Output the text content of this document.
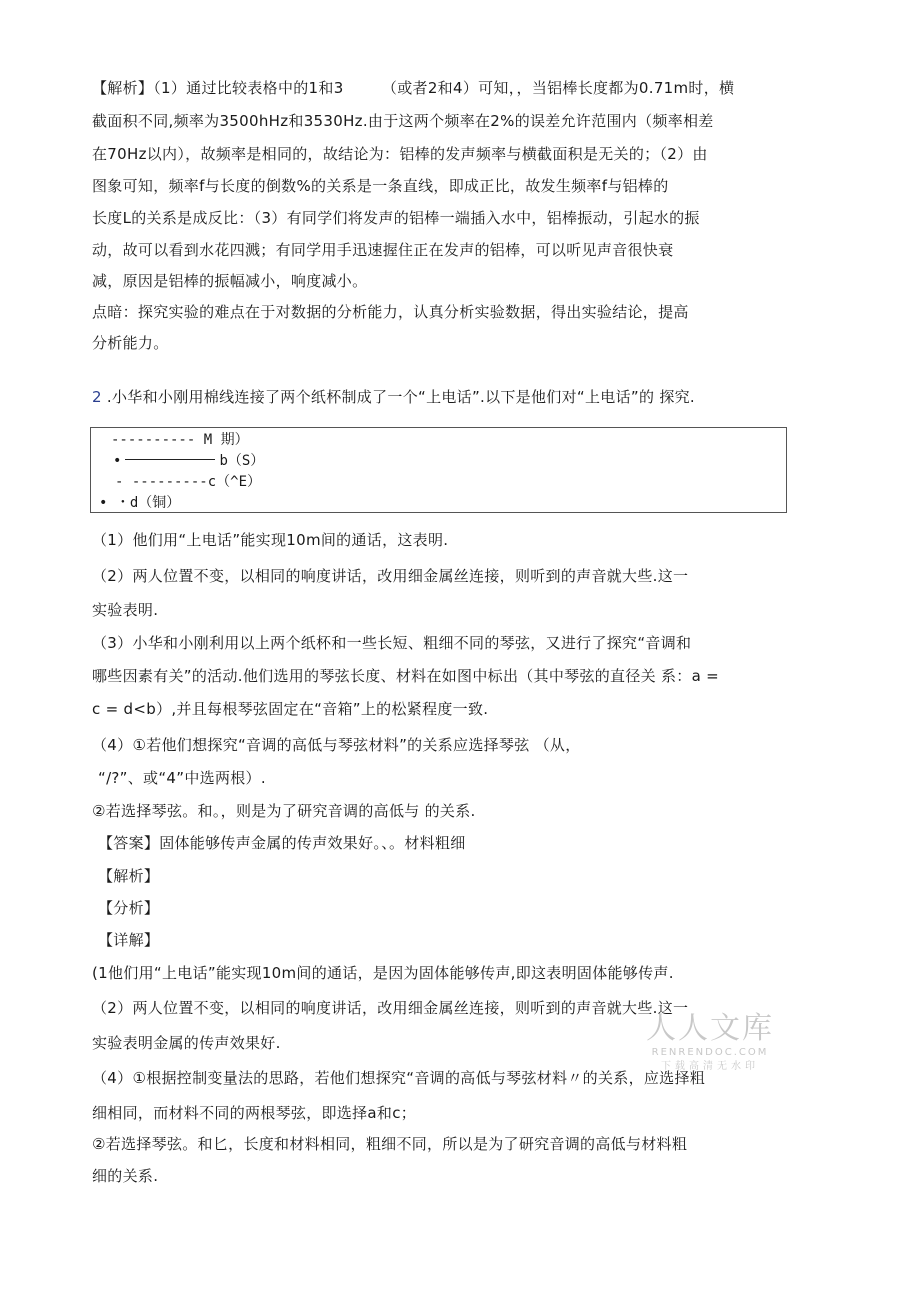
【解析】（1）通过比较表格中的1和3　　　（或者2和4）可知，，当铝棒长度都为0.71m时，横
截面积不同,频率为3500hHz和3530Hz.由于这两个频率在2%的误差允许范围内（频率相差
在70Hz以内），故频率是相同的，故结论为：铝棒的发声频率与横截面积是无关的；（2）由
图象可知，频率f与长度的倒数%的关系是一条直线，即成正比，故发生频率f与铝棒的
长度L的关系是成反比：（3）有同学们将发声的铝棒一端插入水中，铝棒振动，引起水的振
动，故可以看到水花四溅；有同学用手迅速握住正在发声的铝棒，可以听见声音很快衰
减，原因是铝棒的振幅减小，响度减小。
点暗：探究实验的难点在于对数据的分析能力，认真分析实验数据，得出实验结论，提高
分析能力。
2 .小华和小刚用棉线连接了两个纸杯制成了一个“上电话”.以下是他们对“上电话”的 探究.
---------- M 期）
•	b（S）
- ---------c（^E）
• ・d（铜）
（1）他们用“上电话”能实现10m间的通话，这表明.
（2）两人位置不变，以相同的响度讲话，改用细金属丝连接，则听到的声音就大些.这一
实验表明.
（3）小华和小刚利用以上两个纸杯和一些长短、粗细不同的琴弦，又进行了探究“音调和
哪些因素有关”的活动.他们选用的琴弦长度、材料在如图中标出（其中琴弦的直径关 系：a =
c = d<b）,并且每根琴弦固定在“音箱”上的松紧程度一致.
（4）①若他们想探究“音调的高低与琴弦材料”的关系应选择琴弦 （从，
“/?”、或“4”中选两根）.
②若选择琴弦。和。，则是为了研究音调的高低与 的关系.
【答案】固体能够传声金属的传声效果好。、。材料粗细
【解析】
【分析】
【详解】
(1他们用“上电话”能实现10m间的通话，是因为固体能够传声,即这表明固体能够传声.
（2）两人位置不变，以相同的响度讲话，改用细金属丝连接，则听到的声音就大些.这一
实验表明金属的传声效果好.
（4）①根据控制变量法的思路，若他们想探究“音调的高低与琴弦材料〃的关系，应选择粗
细相同，而材料不同的两根琴弦，即选择a和c；
②若选择琴弦。和匕，长度和材料相同，粗细不同，所以是为了研究音调的高低与材料粗
细的关系.
人人文库
RENRENDOC.COM
下载高清无水印
